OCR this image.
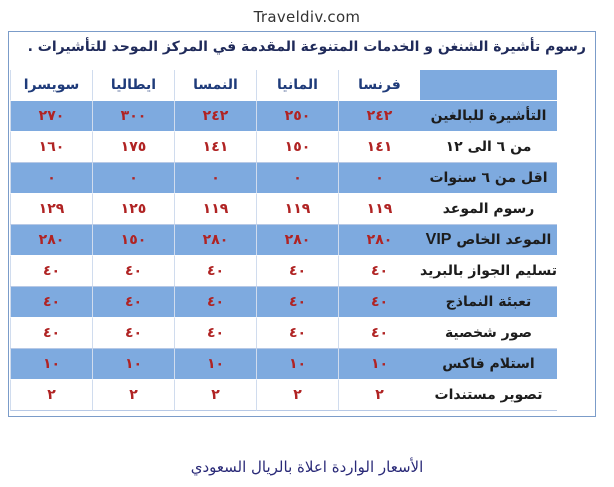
Traveldiv.com
رسوم تأشيرة الشنغن و الخدمات المتنوعة المقدمة في المركز الموحد للتأشيرات .
	فرنسا	المانيا	النمسا	ايطاليا	سويسرا
التأشيرة للبالغين	٢٤٢	٢٥٠	٢٤٢	٣٠٠	٢٧٠
من ٦ الى ١٢	١٤١	١٥٠	١٤١	١٧٥	١٦٠
اقل من ٦ سنوات	٠	٠	٠	٠	٠
رسوم الموعد	١١٩	١١٩	١١٩	١٢٥	١٢٩
الموعد الخاص VIP	٢٨٠	٢٨٠	٢٨٠	١٥٠	٢٨٠
تسليم الجواز بالبريد	٤٠	٤٠	٤٠	٤٠	٤٠
تعبئة النماذج	٤٠	٤٠	٤٠	٤٠	٤٠
صور شخصية	٤٠	٤٠	٤٠	٤٠	٤٠
استلام فاكس	١٠	١٠	١٠	١٠	١٠
تصوير مستندات	٢	٢	٢	٢	٢
الأسعار الواردة اعلاة بالريال السعودي
